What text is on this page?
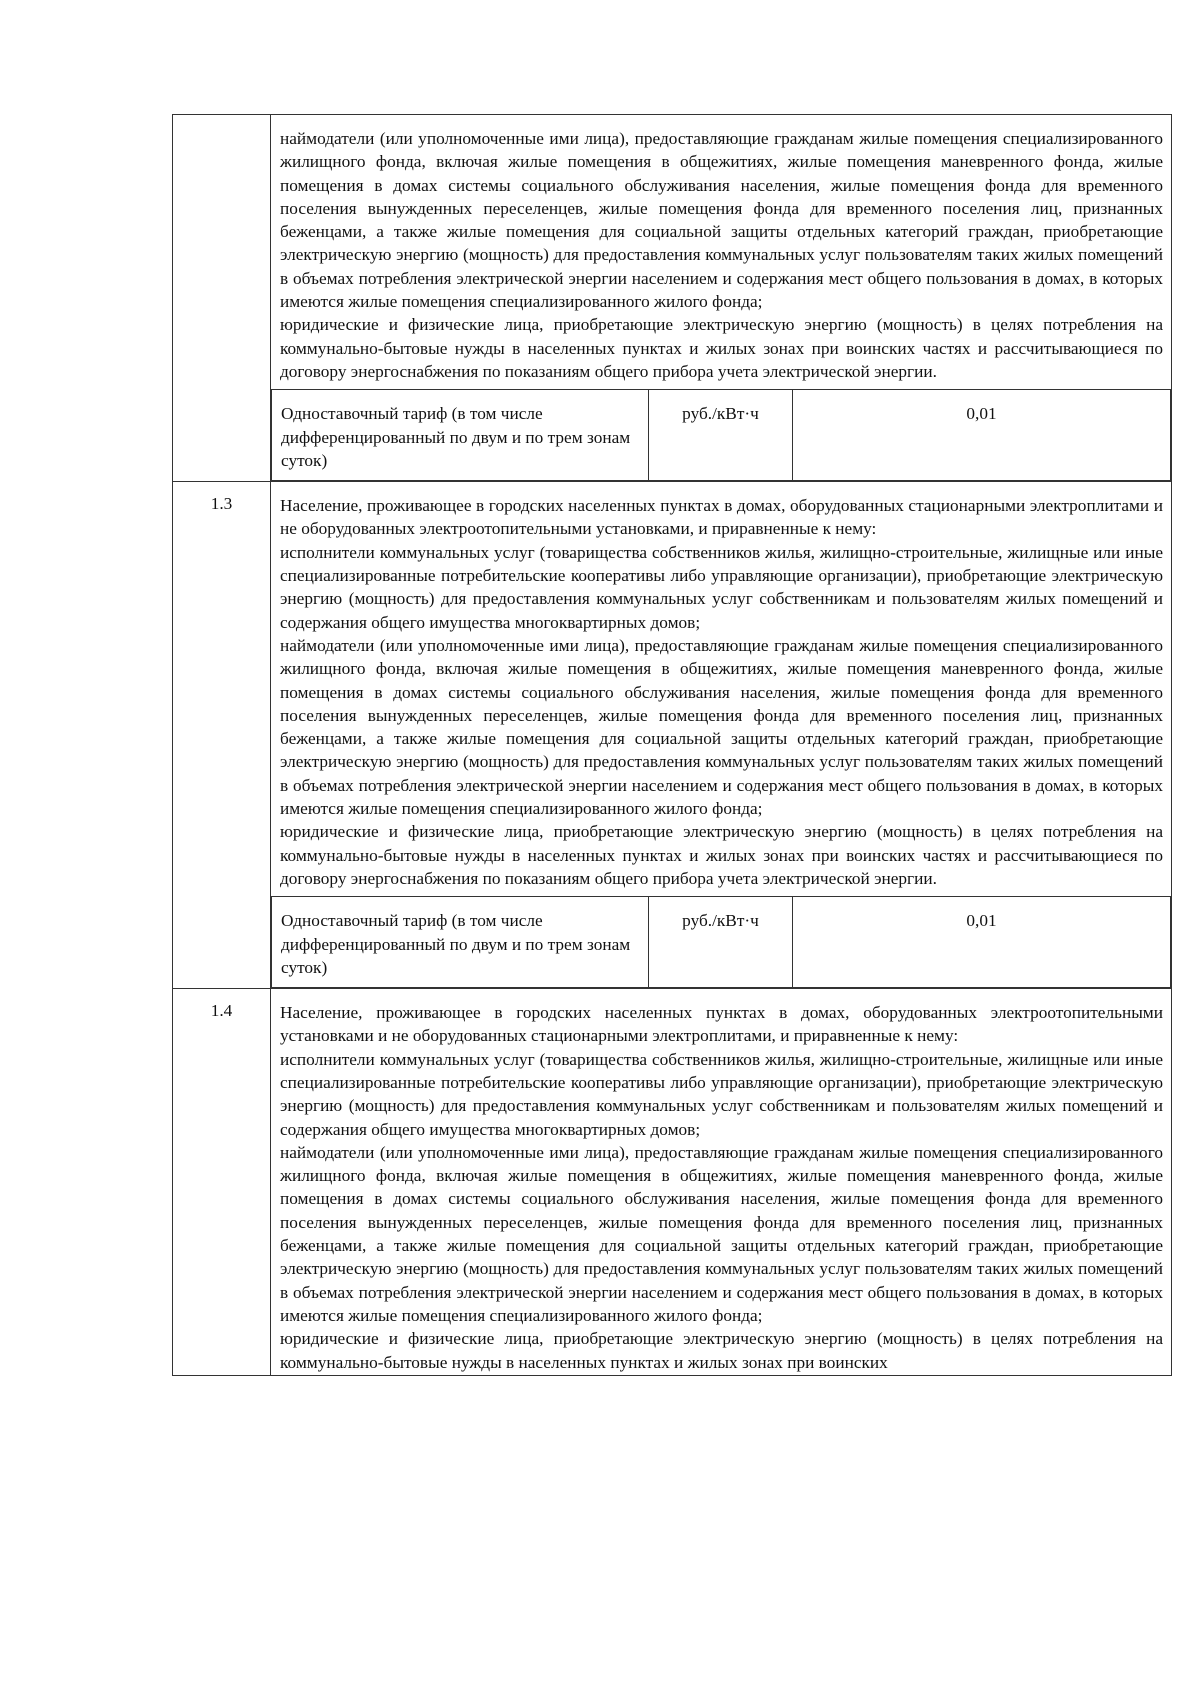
наймодатели (или уполномоченные ими лица), предоставляющие гражданам жилые помещения специализированного жилищного фонда, включая жилые помещения в общежитиях, жилые помещения маневренного фонда, жилые помещения в домах системы социального обслуживания населения, жилые помещения фонда для временного поселения вынужденных переселенцев, жилые помещения фонда для временного поселения лиц, признанных беженцами, а также жилые помещения для социальной защиты отдельных категорий граждан, приобретающие электрическую энергию (мощность) для предоставления коммунальных услуг пользователям таких жилых помещений в объемах потребления электрической энергии населением и содержания мест общего пользования в домах, в которых имеются жилые помещения специализированного жилого фонда;

юридические и физические лица, приобретающие электрическую энергию (мощность) в целях потребления на коммунально-бытовые нужды в населенных пунктах и жилых зонах при воинских частях и рассчитывающиеся по договору энергоснабжения по показаниям общего прибора учета электрической энергии.

Одноставочный тариф (в том числе дифференцированный по двум и по трем зонам суток)	руб./кВт·ч	0,01

1.3	Население, проживающее в городских населенных пунктах в домах, оборудованных стационарными электроплитами и не оборудованных электроотопительными установками, и приравненные к нему:

исполнители коммунальных услуг (товарищества собственников жилья, жилищно-строительные, жилищные или иные специализированные потребительские кооперативы либо управляющие организации), приобретающие электрическую энергию (мощность) для предоставления коммунальных услуг собственникам и пользователям жилых помещений и содержания общего имущества многоквартирных домов;

наймодатели (или уполномоченные ими лица), предоставляющие гражданам жилые помещения специализированного жилищного фонда, включая жилые помещения в общежитиях, жилые помещения маневренного фонда, жилые помещения в домах системы социального обслуживания населения, жилые помещения фонда для временного поселения вынужденных переселенцев, жилые помещения фонда для временного поселения лиц, признанных беженцами, а также жилые помещения для социальной защиты отдельных категорий граждан, приобретающие электрическую энергию (мощность) для предоставления коммунальных услуг пользователям таких жилых помещений в объемах потребления электрической энергии населением и содержания мест общего пользования в домах, в которых имеются жилые помещения специализированного жилого фонда;

юридические и физические лица, приобретающие электрическую энергию (мощность) в целях потребления на коммунально-бытовые нужды в населенных пунктах и жилых зонах при воинских частях и рассчитывающиеся по договору энергоснабжения по показаниям общего прибора учета электрической энергии.

Одноставочный тариф (в том числе дифференцированный по двум и по трем зонам суток)	руб./кВт·ч	0,01

1.4	Население, проживающее в городских населенных пунктах в домах, оборудованных электроотопительными установками и не оборудованных стационарными электроплитами, и приравненные к нему:

исполнители коммунальных услуг (товарищества собственников жилья, жилищно-строительные, жилищные или иные специализированные потребительские кооперативы либо управляющие организации), приобретающие электрическую энергию (мощность) для предоставления коммунальных услуг собственникам и пользователям жилых помещений и содержания общего имущества многоквартирных домов;

наймодатели (или уполномоченные ими лица), предоставляющие гражданам жилые помещения специализированного жилищного фонда, включая жилые помещения в общежитиях, жилые помещения маневренного фонда, жилые помещения в домах системы социального обслуживания населения, жилые помещения фонда для временного поселения вынужденных переселенцев, жилые помещения фонда для временного поселения лиц, признанных беженцами, а также жилые помещения для социальной защиты отдельных категорий граждан, приобретающие электрическую энергию (мощность) для предоставления коммунальных услуг пользователям таких жилых помещений в объемах потребления электрической энергии населением и содержания мест общего пользования в домах, в которых имеются жилые помещения специализированного жилого фонда;

юридические и физические лица, приобретающие электрическую энергию (мощность) в целях потребления на коммунально-бытовые нужды в населенных пунктах и жилых зонах при воинских
